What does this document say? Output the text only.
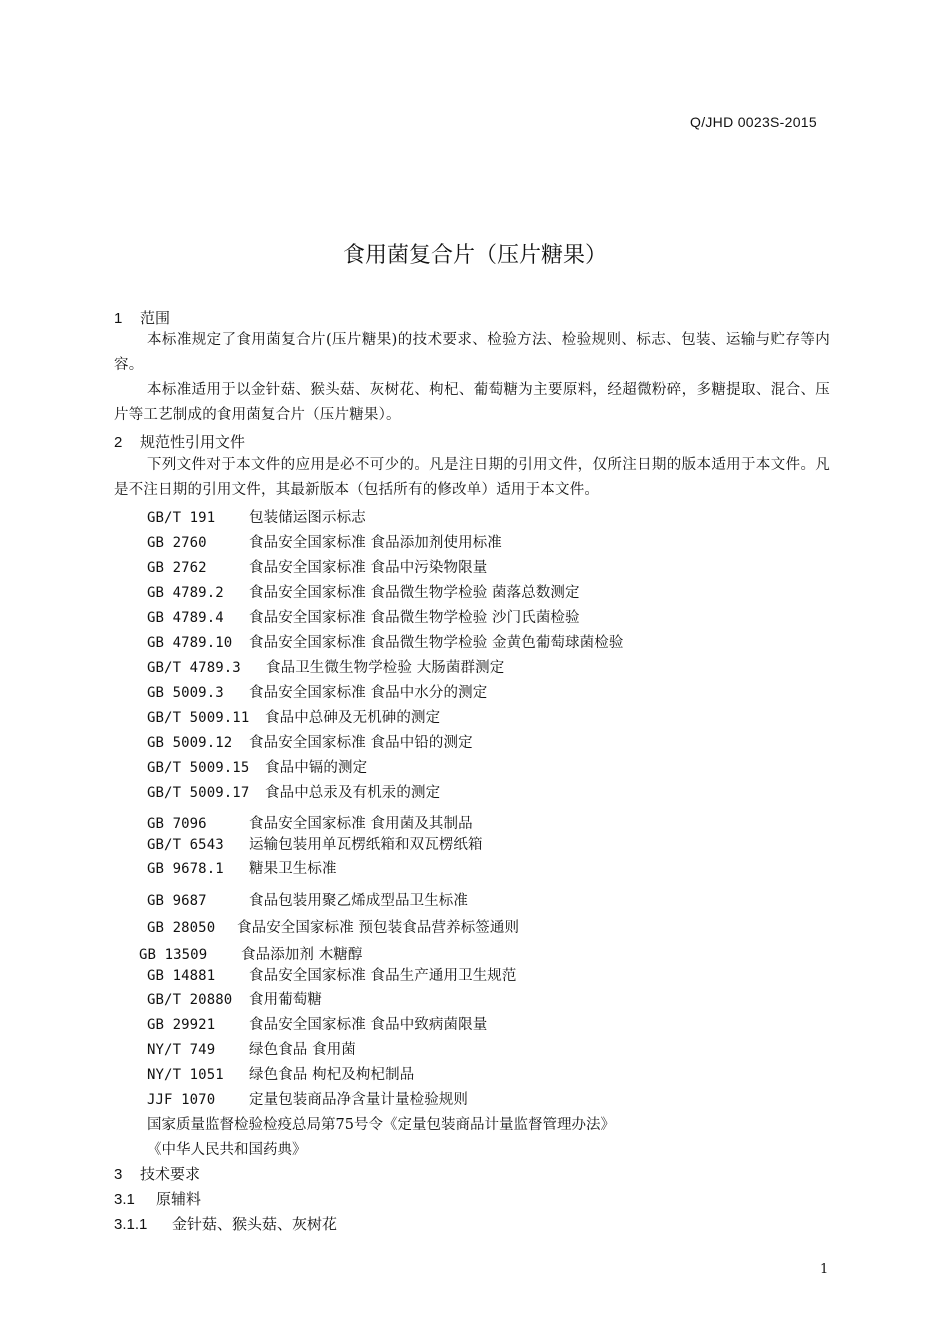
Q/JHD 0023S-2015
食用菌复合片（压片糖果）
1 范围
本标准规定了食用菌复合片(压片糖果)的技术要求、检验方法、检验规则、标志、包装、运输与贮存等内容。
本标准适用于以金针菇、猴头菇、灰树花、枸杞、葡萄糖为主要原料，经超微粉碎，多糖提取、混合、压片等工艺制成的食用菌复合片（压片糖果）。
2 规范性引用文件
下列文件对于本文件的应用是必不可少的。凡是注日期的引用文件，仅所注日期的版本适用于本文件。凡是不注日期的引用文件，其最新版本（包括所有的修改单）适用于本文件。
GB/T 191 包装储运图示标志
GB 2760	食品安全国家标准 食品添加剂使用标准
GB 2762	食品安全国家标准 食品中污染物限量
GB 4789.2 食品安全国家标准 食品微生物学检验 菌落总数测定
GB 4789.4 食品安全国家标准 食品微生物学检验 沙门氏菌检验
GB 4789.10 食品安全国家标准 食品微生物学检验 金黄色葡萄球菌检验
GB/T 4789.3 食品卫生微生物学检验 大肠菌群测定
GB 5009.3 食品安全国家标准 食品中水分的测定
GB/T 5009.11 食品中总砷及无机砷的测定
GB 5009.12 食品安全国家标准 食品中铅的测定
GB/T 5009.15 食品中镉的测定
GB/T 5009.17 食品中总汞及有机汞的测定
GB 7096	食品安全国家标准 食用菌及其制品
GB/T 6543 运输包装用单瓦楞纸箱和双瓦楞纸箱
GB 9678.1 糖果卫生标准
GB 9687	食品包装用聚乙烯成型品卫生标准
GB 28050 食品安全国家标准 预包装食品营养标签通则
GB 13509 食品添加剂 木糖醇
GB 14881 食品安全国家标准 食品生产通用卫生规范
GB/T 20880 食用葡萄糖
GB 29921 食品安全国家标准 食品中致病菌限量
NY/T 749 绿色食品 食用菌
NY/T 1051 绿色食品 枸杞及枸杞制品
JJF 1070 定量包装商品净含量计量检验规则
国家质量监督检验检疫总局第75号令《定量包装商品计量监督管理办法》
《中华人民共和国药典》
3 技术要求
3.1 原辅料
3.1.1 金针菇、猴头菇、灰树花
1
